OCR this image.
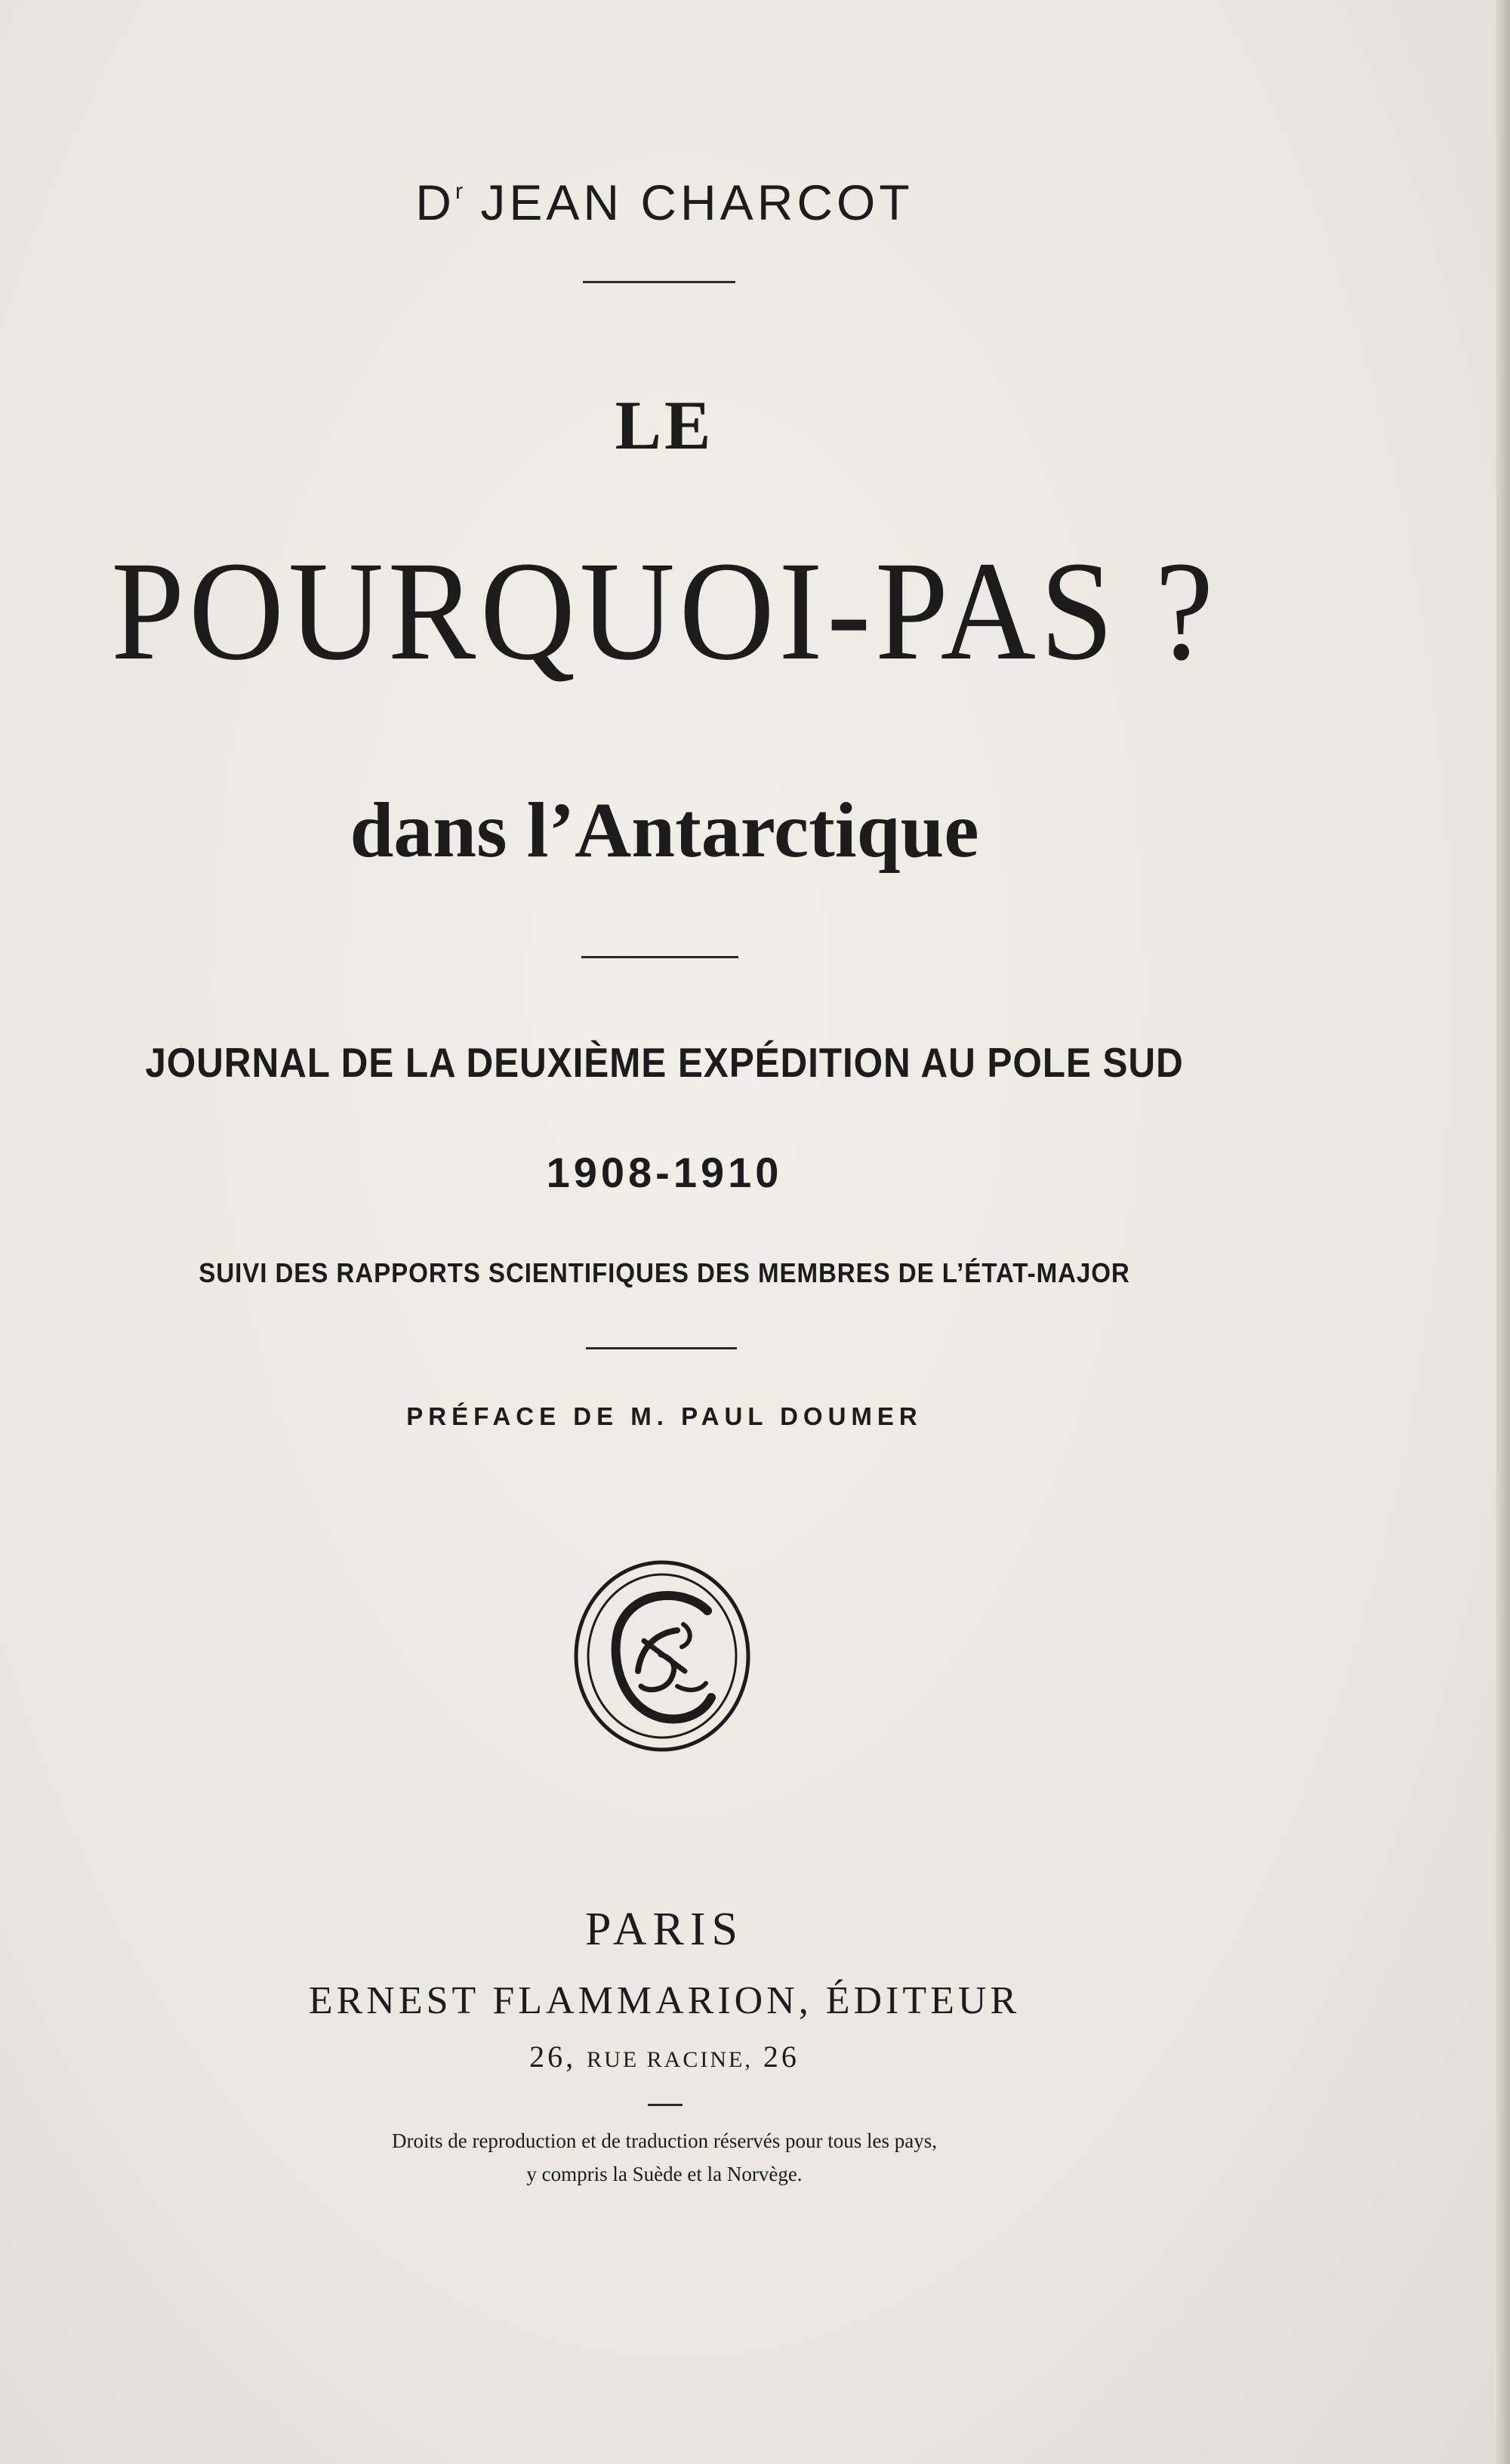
$D^r$ JEAN CHARCOT
LE
POURQUOI-PAS ?
dans l’Antarctique
JOURNAL DE LA DEUXIÈME EXPÉDITION AU POLE SUD
1908-1910
SUIVI DES RAPPORTS SCIENTIFIQUES DES MEMBRES DE L’ÉTAT-MAJOR
PRÉFACE DE M. PAUL DOUMER
PARIS
ERNEST FLAMMARION, ÉDITEUR
26, RUE RACINE, 26
Droits de reproduction et de traduction réservés pour tous les pays,
y compris la Suède et la Norvège.
